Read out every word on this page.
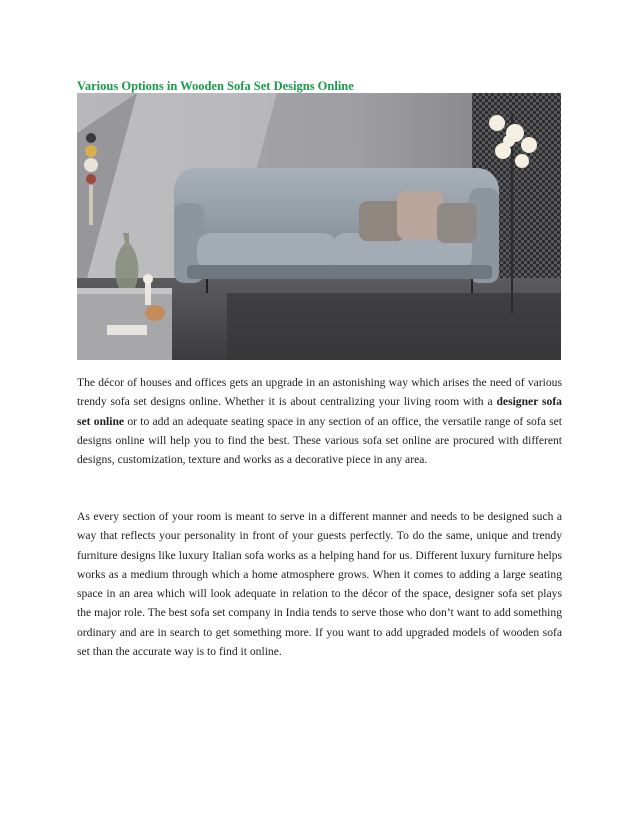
Various Options in Wooden Sofa Set Designs Online

The décor of houses and offices gets an upgrade in an astonishing way which arises the need of various trendy sofa set designs online. Whether it is about centralizing your living room with a designer sofa set online or to add an adequate seating space in any section of an office, the versatile range of sofa set designs online will help you to find the best. These various sofa set online are procured with different designs, customization, texture and works as a decorative piece in any area.

As every section of your room is meant to serve in a different manner and needs to be designed such a way that reflects your personality in front of your guests perfectly. To do the same, unique and trendy furniture designs like luxury Italian sofa works as a helping hand for us. Different luxury furniture helps works as a medium through which a home atmosphere grows. When it comes to adding a large seating space in an area which will look adequate in relation to the décor of the space, designer sofa set plays the major role. The best sofa set company in India tends to serve those who don’t want to add something ordinary and are in search to get something more. If you want to add upgraded models of wooden sofa set than the accurate way is to find it online.
